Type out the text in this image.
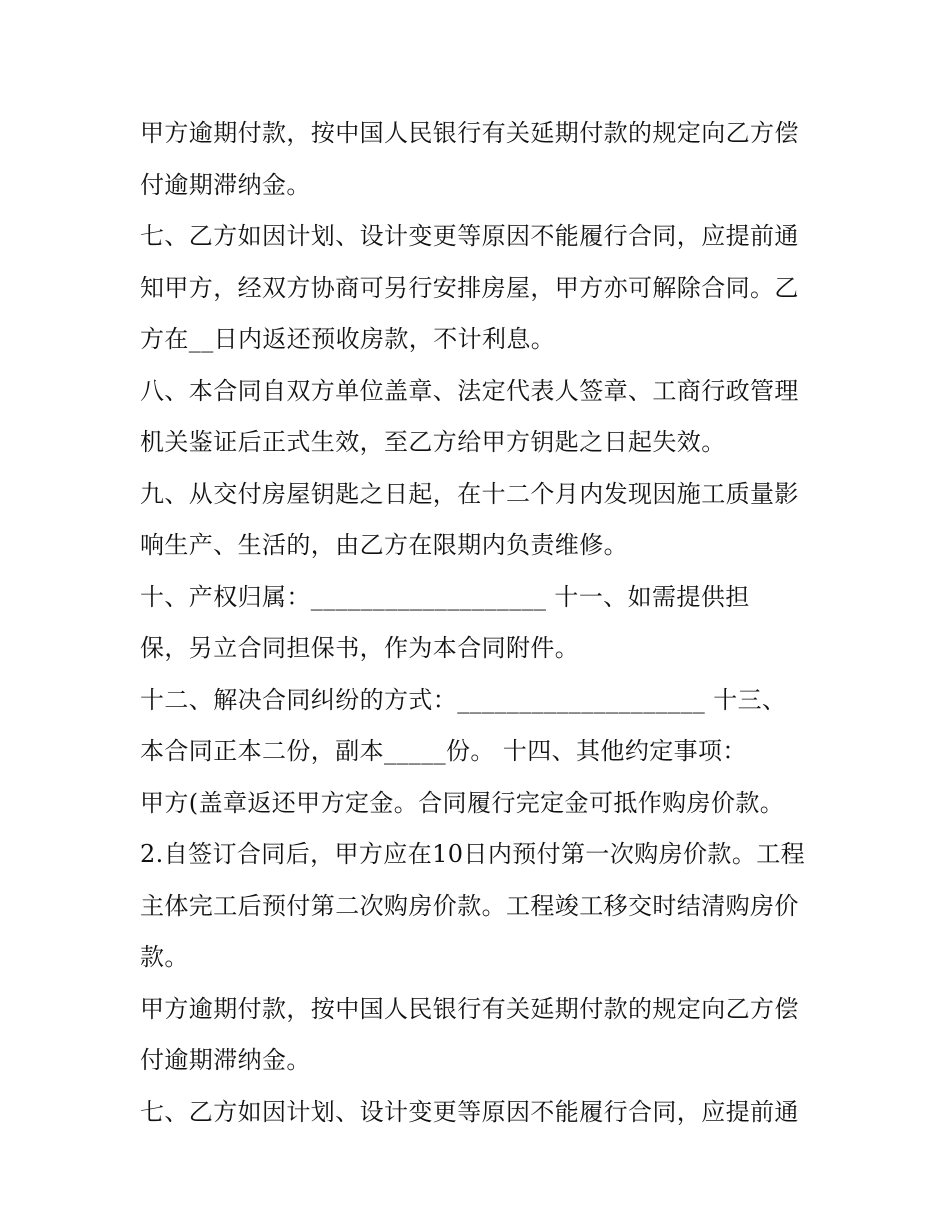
甲方逾期付款，按中国人民银行有关延期付款的规定向乙方偿
付逾期滞纳金。
七、乙方如因计划、设计变更等原因不能履行合同，应提前通
知甲方，经双方协商可另行安排房屋，甲方亦可解除合同。乙
方在__日内返还预收房款，不计利息。
八、本合同自双方单位盖章、法定代表人签章、工商行政管理
机关鉴证后正式生效，至乙方给甲方钥匙之日起失效。
九、从交付房屋钥匙之日起，在十二个月内发现因施工质量影
响生产、生活的，由乙方在限期内负责维修。
十、产权归属：___________________ 十一、如需提供担
保，另立合同担保书，作为本合同附件。
十二、解决合同纠纷的方式：____________________ 十三、
本合同正本二份，副本_____份。 十四、其他约定事项：
甲方(盖章返还甲方定金。合同履行完定金可抵作购房价款。
2.自签订合同后，甲方应在10日内预付第一次购房价款。工程
主体完工后预付第二次购房价款。工程竣工移交时结清购房价
款。
甲方逾期付款，按中国人民银行有关延期付款的规定向乙方偿
付逾期滞纳金。
七、乙方如因计划、设计变更等原因不能履行合同，应提前通
